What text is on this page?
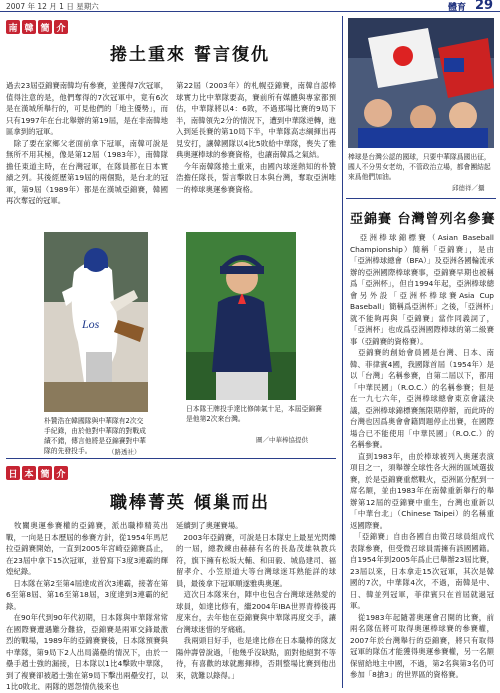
2007 年 12 月 1 日 星期六	體育 29
南 韓 簡 介
捲土重來 誓言復仇
過去23屆亞錦賽南韓均有參賽，並獲得7次冠軍，值得注意的是，他們奪得的7次冠軍中，竟有6次是在漢城所舉行的，可見他們的「地主優勢」，而只有1997年在台北舉辦的第19屆，是在非南韓地區拿到的冠軍。
　除了要在家鄉父老面前拿下冠軍，南韓可說是無所不用其極，像是第12屆（1983年），南韓隊擔任東道主時，在台灣冠軍，在隊員都在日本實績之列。其後經歷第19屆的兩個點，是台北的冠軍，第9屆（1989年）都是在漢城亞錦賽，韓國再次奪冠的冠軍。
第22屆（2003年）的札幌亞錦賽，南韓自認棒球實力比中華隊要高，賽前所有媒體與專家都預估，中華隊將以4：6敗，不過那場比賽的9局下半，南韓領先2分的情況下，遭到中華隊逆轉，進入到延長賽的第10局下半，中華隊高志綱揮出再見安打，讓韓國隊以4比5敗給中華隊，喪失了雅典奧運棒球的參賽資格，也讓南韓爲之氣結。
　今年南韓隊捲土重來，由國內球迷熱知的朴贊浩擔任隊長，誓言擊敗日本與台灣，奪取亞洲唯一的棒球奧運參賽資格。
Los
朴贊浩在韓國隊與中華隊有2次交手紀錄，由於他對中華隊的對戰成績不錯，傳言他將是亞錦賽對中華隊的先發投手。	（路透社）
日本隊王牌投手達比修帥氣十足，本屆亞錦賽是他第2次來台灣。
圖／中華棒協提供
日 本 簡 介
職棒菁英 傾巢而出
　牧關奧運參賽權的亞錦賽，派出職棒精英出戰，一向是日本歷屆的參賽方針，從1954年馬尼拉亞錦賽開始，一直到2005年宮崎亞錦賽爲止，在23屆中拿下15次冠軍，並曾寫下3度3連霸的輝煌紀錄。
　日本隊在第2至第4屆達成首次3連霸，接著在第6至第8屆、第16至第18屆，3度達到3連霸的紀錄。
　在90年代到90年代初期，日本隊與中華隊常常在國際賽遭遇難分難捨，亞錦賽是兩軍交鋒最激烈的戰場，1989年的亞錦賽賽後，日本隊預賽與中華隊，第9局下2人出局滿壘的情況下，由於一壘手趙士強的漏接，日本隊以1比4擊敗中華隊，到了複賽卻被趙士強在第9局下擊出兩壘安打，以1比0敗北，兩隊的恩怨情仇後來也
延續到了奧運賽場。
　2003年亞錦賽，可說是日本隊史上最星光閃爍的一屆，總教練由赫赫有名的長島茂雄執教兵符，旗下擁有松坂大輔、和田毅、城島建司、福留孝介、小笠原道大等台灣球迷耳熟能詳的球員，最後拿下冠軍順遂雅典奧運。
　這次日本隊來台，陣中也包含台灣球迷熱愛的球員，如達比修有，繼2004年IBA世界青棒後再度來台，去年他在亞錦賽與中華隊再度交手，讓台灣球迷惜的牙痛痛。
　我兩頭目好手，也是達比修在日本職棒的隊友陽仲壽曾說過，「他幾乎沒缺點，面對他絕對不等待，有喜歡的球就應揮棒，否則整場比賽到他出來，就難以錄得。」
棒球是台灣公認的國球，只要中華隊爲國出征，國人不分男女老幼，不管政治立場，都會團結起來爲他們加油。
邱德祥／攝
亞錦賽 台灣曾列名參賽
　亞洲棒球錦標賽（Asian Baseball Championship）簡稱「亞錦賽」，是由「亞洲棒球總會（BFA）」及亞洲各國輪流承辦的亞洲國際棒球賽事，亞錦賽早期也被稱爲「亞洲杯」，但自1994年起，亞洲棒球總會另外設「亞洲杯棒球賽Asia Cup Baseball」簡稱爲亞洲杯」之後，「亞洲杯」就不能夠再與「亞錦賽」當作同義詞了，「亞洲杯」也成爲亞洲國際棒球的第二級賽事（亞錦賽的資格賽）。
　亞錦賽的創始會員國是台灣、日本、南韓、菲律賓4國，我國隊首屆（1954年）是以「台灣」名稱參賽，自第二屆以下，都用「中華民國」（R.O.C.）的名稱參賽；但是在一九七六年，亞洲棒球總會東京會議決議，亞洲棒球錦標賽無限期停辦，而此時的台灣也因爲奧會會籍問題停止出賽，在國際場合已不能使用「中華民國」（R.O.C.）的名稱參賽。
　直到1983年，由於棒球被列入奧運表演項目之一，須舉辦全球性各大洲的區域選拔賽，於是亞錦賽重燃戰火，亞洲區分配到一席名額，並由1983年在南韓重新舉行的舉辦第12屆的亞錦賽中重生，台灣也重新以「中華台北」（Chinese Taipei）的名稱重返國際賽。
　「亞錦賽」自由各國自由徵召球員組成代表隊參賽，但受微召球員需擁有該國國籍。自1954年到2005年爲止已舉辦23屆比賽，23屆以來，日本拿走15次冠軍，其次是韓國的7次，中華隊4次，不過，南韓是中、日、韓並列冠軍，菲律賓只在首屆就過冠軍。
　從1983年起隨著奧運會召開的比賽，前兩名隊伍將可取得奧運棒球賽的參賽權，2007年於台灣舉行的亞錦賽，將只有取得冠軍的隊伍才能獲得奧運參賽權，另一名額保留給地主中國，不過，第2名與第3名仍可參加「8搶3」的世界區的資格賽。
